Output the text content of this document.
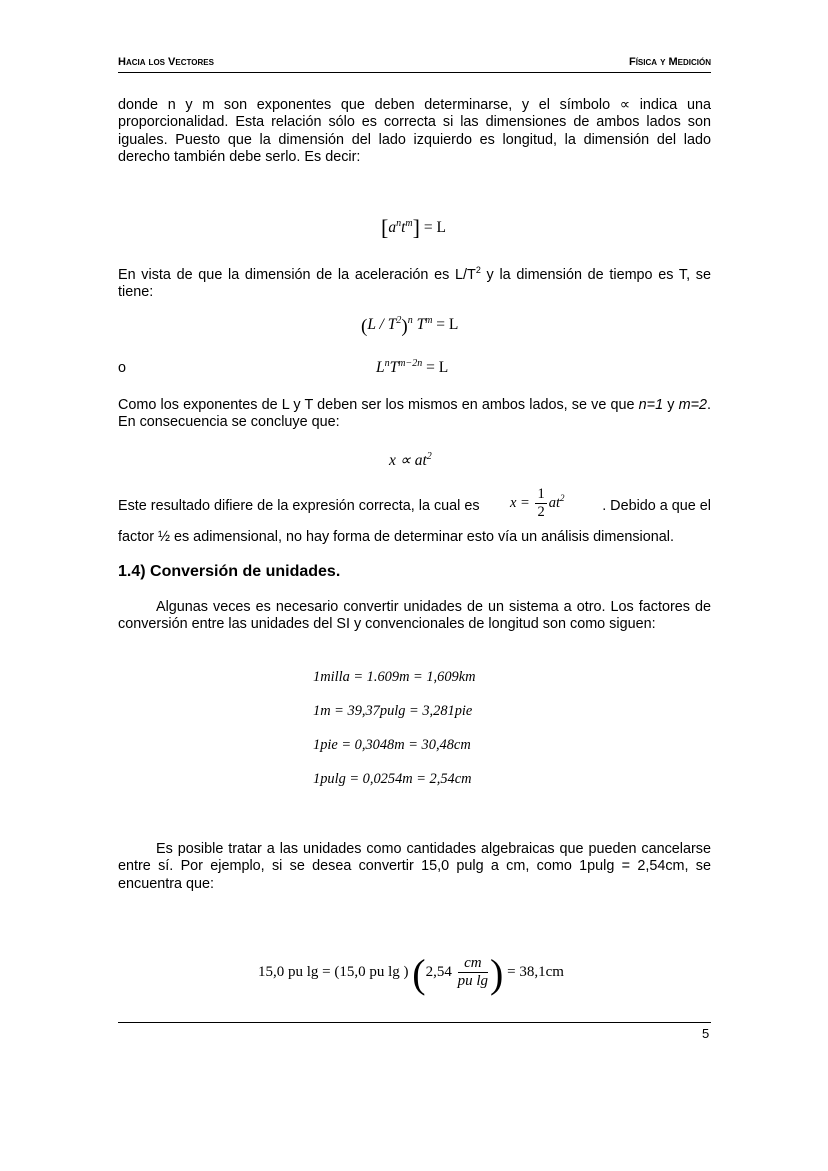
Hacia los Vectores	Física y Medición

donde n y m son exponentes que deben determinarse, y el símbolo ∝ indica una proporcionalidad. Esta relación sólo es correcta si las dimensiones de ambos lados son iguales. Puesto que la dimensión del lado izquierdo es longitud, la dimensión del lado derecho también debe serlo. Es decir:

$[a^nt^m] = L$

En vista de que la dimensión de la aceleración es $L/T^2$ y la dimensión de tiempo es T, se tiene:

$(L / T^2)^n$ $T^m = L$
o	$L^nT^{m-2n} = L$

Como los exponentes de L y T deben ser los mismos en ambos lados, se ve que n=1 y m=2. En consecuencia se concluye que:

$x \propto at^2$

Este resultado difiere de la expresión correcta, la cual es	$x = \frac{1}{2} at^2$

. Debido a que el

factor ½ es adimensional, no hay forma de determinar esto vía un análisis dimensional.

1.4) Conversión de unidades.

Algunas veces es necesario convertir unidades de un sistema a otro. Los factores de conversión entre las unidades del SI y convencionales de longitud son como siguen:

1milla = 1.609m = 1,609km
1m = 39,37pulg = 3,281pie
1pie = 0,3048m = 30,48cm
1pulg = 0,0254m = 2,54cm

Es posible tratar a las unidades como cantidades algebraicas que pueden cancelarse entre sí. Por ejemplo, si se desea convertir 15,0 pulg a cm, como 1pulg = 2,54cm, se encuentra que:

15,0 pu lg = (15,0 pu lg ) ($2,54 \frac{cm}{\text{pu lg}}$ ) = 38,1cm
5
